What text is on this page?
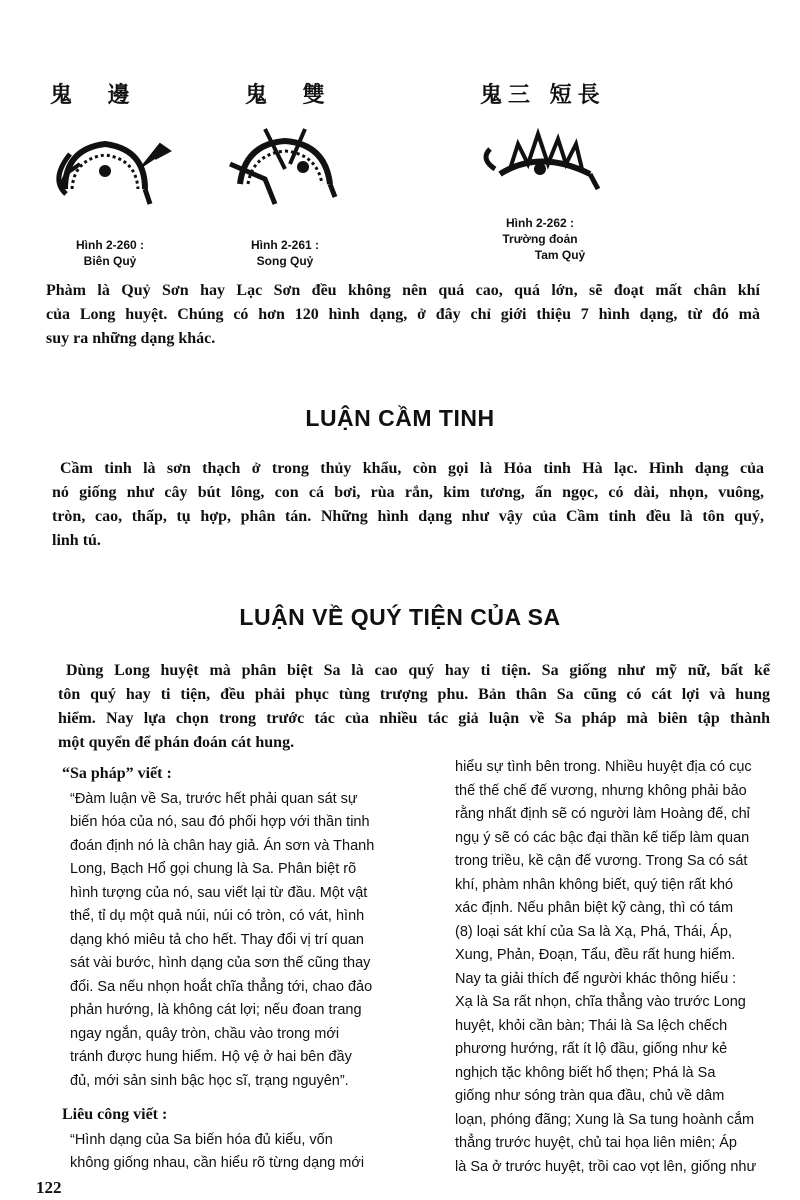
鬼 邊
Hình 2-260 :
Biên Quỷ
鬼 雙
Hình 2-261 :
Song Quỷ
鬼三 短長
Hình 2-262 :
Trường đoản
Tam Quỷ
Phàm là Quỷ Sơn hay Lạc Sơn đều không nên quá cao, quá lớn, sẽ đoạt mất chân khí
của Long huyệt. Chúng có hơn 120 hình dạng, ở đây chỉ giới thiệu 7 hình dạng, từ đó mà
suy ra những dạng khác.
LUẬN CẦM TINH
Cầm tinh là sơn thạch ở trong thủy khẩu, còn gọi là Hỏa tinh Hà lạc. Hình dạng của
nó giống như cây bút lông, con cá bơi, rùa rắn, kim tương, ấn ngọc, có dài, nhọn, vuông,
tròn, cao, thấp, tụ hợp, phân tán. Những hình dạng như vậy của Cầm tinh đều là tôn quý,
linh tú.
LUẬN VỀ QUÝ TIỆN CỦA SA
Dùng Long huyệt mà phân biệt Sa là cao quý hay ti tiện. Sa giống như mỹ nữ, bất kể
tôn quý hay ti tiện, đều phải phục tùng trượng phu. Bản thân Sa cũng có cát lợi và hung
hiểm. Nay lựa chọn trong trước tác của nhiều tác giả luận về Sa pháp mà biên tập thành
một quyển để phán đoán cát hung.
“Sa pháp” viết :
“Đàm luận về Sa, trước hết phải quan sát sự
biến hóa của nó, sau đó phối hợp với thần tinh
đoán định nó là chân hay giả. Án sơn và Thanh
Long, Bạch Hổ gọi chung là Sa. Phân biệt rõ
hình tượng của nó, sau viết lại từ đầu. Một vật
thể, tỉ dụ một quả núi, núi có tròn, có vát, hình
dạng khó miêu tả cho hết. Thay đổi vị trí quan
sát vài bước, hình dạng của sơn thế cũng thay
đổi. Sa nếu nhọn hoắt chĩa thẳng tới, chao đảo
phản hướng, là không cát lợi; nếu đoan trang
ngay ngắn, quây tròn, chầu vào trong mới
tránh được hung hiểm. Hộ vệ ở hai bên đầy
đủ, mới sản sinh bậc học sĩ, trạng nguyên”.
Liêu công viết :
“Hình dạng của Sa biến hóa đủ kiểu, vốn
không giống nhau, cần hiểu rõ từng dạng mới
hiểu sự tình bên trong. Nhiều huyệt địa có cục
thế thế chế đế vương, nhưng không phải bảo
rằng nhất định sẽ có người làm Hoàng đế, chỉ
ngụ ý sẽ có các bậc đại thần kế tiếp làm quan
trong triều, kề cận đế vương. Trong Sa có sát
khí, phàm nhân không biết, quý tiện rất khó
xác định. Nếu phân biệt kỹ càng, thì có tám
(8) loại sát khí của Sa là Xạ, Phá, Thái, Áp,
Xung, Phản, Đoạn, Tẩu, đều rất hung hiểm.
Nay ta giải thích để người khác thông hiểu :
Xạ là Sa rất nhọn, chĩa thẳng vào trước Long
huyệt, khỏi cần bàn; Thái là Sa lệch chếch
phương hướng, rất ít lộ đầu, giống như kẻ
nghịch tặc không biết hổ thẹn; Phá là Sa
giống như sóng tràn qua đầu, chủ về dâm
loạn, phóng đãng; Xung là Sa tung hoành cắm
thẳng trước huyệt, chủ tai họa liên miên; Áp
là Sa ở trước huyệt, trồi cao vọt lên, giống như
122
